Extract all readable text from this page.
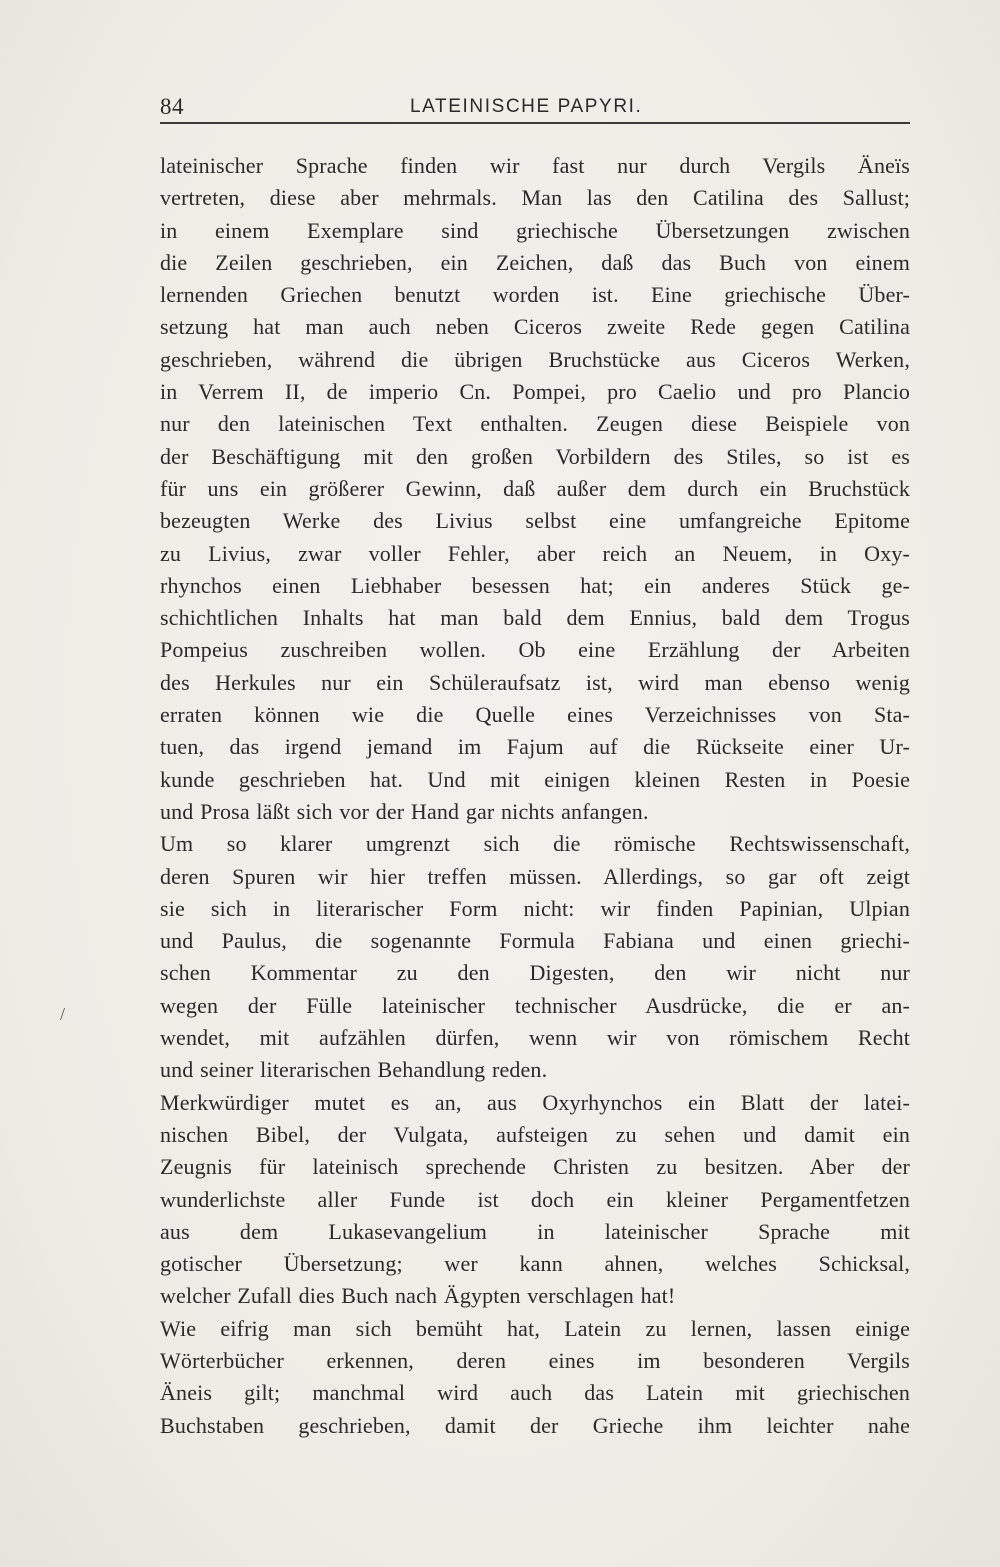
84	LATEINISCHE PAPYRI.
lateinischer Sprache finden wir fast nur durch Vergils Äneïs
vertreten, diese aber mehrmals. Man las den Catilina des Sallust;
in einem Exemplare sind griechische Übersetzungen zwischen
die Zeilen geschrieben, ein Zeichen, daß das Buch von einem
lernenden Griechen benutzt worden ist. Eine griechische Über-
setzung hat man auch neben Ciceros zweite Rede gegen Catilina
geschrieben, während die übrigen Bruchstücke aus Ciceros Werken,
in Verrem II, de imperio Cn. Pompei, pro Caelio und pro Plancio
nur den lateinischen Text enthalten. Zeugen diese Beispiele von
der Beschäftigung mit den großen Vorbildern des Stiles, so ist es
für uns ein größerer Gewinn, daß außer dem durch ein Bruchstück
bezeugten Werke des Livius selbst eine umfangreiche Epitome
zu Livius, zwar voller Fehler, aber reich an Neuem, in Oxy-
rhynchos einen Liebhaber besessen hat; ein anderes Stück ge-
schichtlichen Inhalts hat man bald dem Ennius, bald dem Trogus
Pompeius zuschreiben wollen. Ob eine Erzählung der Arbeiten
des Herkules nur ein Schüleraufsatz ist, wird man ebenso wenig
erraten können wie die Quelle eines Verzeichnisses von Sta-
tuen, das irgend jemand im Fajum auf die Rückseite einer Ur-
kunde geschrieben hat. Und mit einigen kleinen Resten in Poesie
und Prosa läßt sich vor der Hand gar nichts anfangen.
Um so klarer umgrenzt sich die römische Rechtswissenschaft,
deren Spuren wir hier treffen müssen. Allerdings, so gar oft zeigt
sie sich in literarischer Form nicht: wir finden Papinian, Ulpian
und Paulus, die sogenannte Formula Fabiana und einen griechi-
schen Kommentar zu den Digesten, den wir nicht nur
wegen der Fülle lateinischer technischer Ausdrücke, die er an-
wendet, mit aufzählen dürfen, wenn wir von römischem Recht
und seiner literarischen Behandlung reden.
Merkwürdiger mutet es an, aus Oxyrhynchos ein Blatt der latei-
nischen Bibel, der Vulgata, aufsteigen zu sehen und damit ein
Zeugnis für lateinisch sprechende Christen zu besitzen. Aber der
wunderlichste aller Funde ist doch ein kleiner Pergamentfetzen
aus dem Lukasevangelium in lateinischer Sprache mit
gotischer Übersetzung; wer kann ahnen, welches Schicksal,
welcher Zufall dies Buch nach Ägypten verschlagen hat!
Wie eifrig man sich bemüht hat, Latein zu lernen, lassen einige
Wörterbücher erkennen, deren eines im besonderen Vergils
Äneis gilt; manchmal wird auch das Latein mit griechischen
Buchstaben geschrieben, damit der Grieche ihm leichter nahe
/
